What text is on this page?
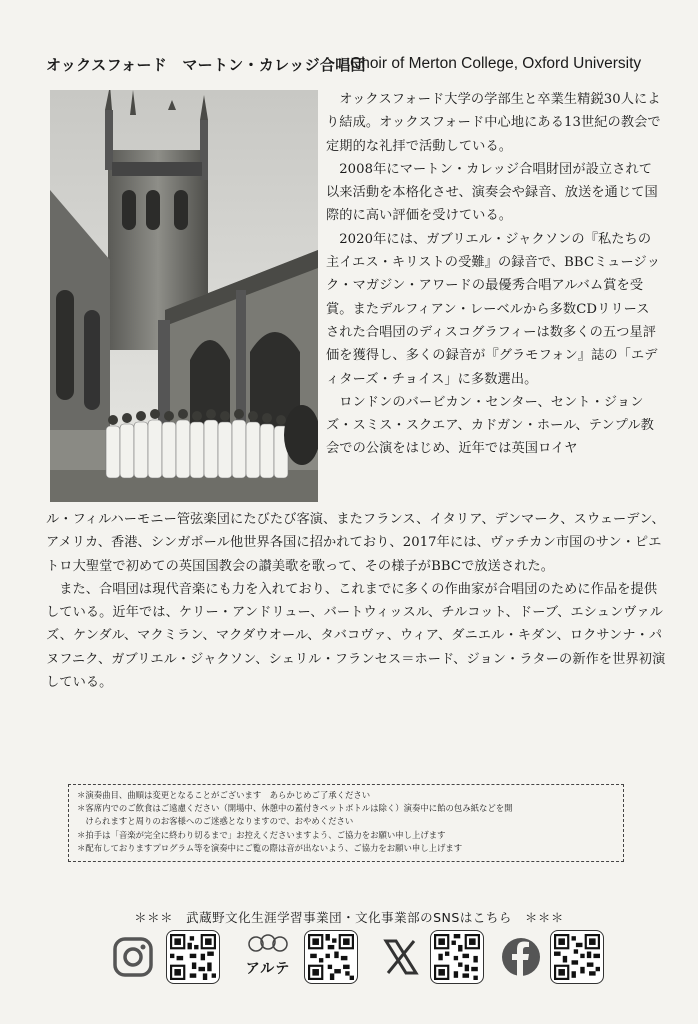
オックスフォード　マートン・カレッジ合唱団
Choir of Merton College, Oxford University

オックスフォード大学の学部生と卒業生精鋭30人により結成。オックスフォード中心地にある13世紀の教会で定期的な礼拝で活動している。

2008年にマートン・カレッジ合唱財団が設立されて以来活動を本格化させ、演奏会や録音、放送を通じて国際的に高い評価を受けている。

2020年には、ガブリエル・ジャクソンの『私たちの主イエス・キリストの受難』の録音で、BBCミュージック・マガジン・アワードの最優秀合唱アルバム賞を受賞。またデルフィアン・レーベルから多数CDリリースされた合唱団のディスコグラフィーは数多くの五つ星評価を獲得し、多くの録音が『グラモフォン』誌の「エディターズ・チョイス」に多数選出。

ロンドンのバービカン・センター、セント・ジョンズ・スミス・スクエア、カドガン・ホール、テンプル教会での公演をはじめ、近年では英国ロイヤ

ル・フィルハーモニー管弦楽団にたびたび客演、またフランス、イタリア、デンマーク、スウェーデン、アメリカ、香港、シンガポール他世界各国に招かれており、2017年には、ヴァチカン市国のサン・ピエトロ大聖堂で初めての英国国教会の讃美歌を歌って、その様子がBBCで放送された。

また、合唱団は現代音楽にも力を入れており、これまでに多くの作曲家が合唱団のために作品を提供している。近年では、ケリー・アンドリュー、バートウィッスル、チルコット、ドーブ、エシュンヴァルズ、ケンダル、マクミラン、マクダウオール、タバコヴァ、ウィア、ダニエル・キダン、ロクサンナ・パヌフニク、ガブリエル・ジャクソン、シェリル・フランセス＝ホード、ジョン・ラターの新作を世界初演している。

＊演奏曲目、曲順は変更となることがございます　あらかじめご了承ください
＊客席内でのご飲食はご遠慮ください（開場中、休憩中の蓋付きペットボトルは除く）演奏中に飴の包み紙などを開
　けられますと周りのお客様へのご迷惑となりますので、おやめください
＊拍手は「音楽が完全に終わり切るまで」お控えくださいますよう、ご協力をお願い申し上げます
＊配布しておりますプログラム等を演奏中にご覧の際は音が出ないよう、ご協力をお願い申し上げます
＊＊＊　武蔵野文化生涯学習事業団・文化事業部のSNSはこちら　＊＊＊
アルテ
